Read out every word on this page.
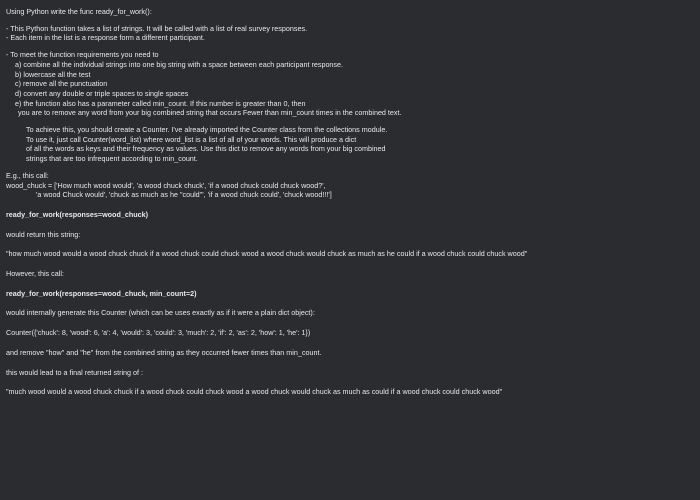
Using Python write the func ready_for_work():
- This Python function takes a list of strings. It will be called with a list of real survey responses.
- Each item in the list is a response form a different participant.
- To meet the function requirements you need to
a) combine all the individual strings into one big string with a space between each participant response.
b) lowercase all the test
c) remove all the punctuation
d) convert any double or triple spaces to single spaces
e) the function also has a parameter called min_count. If this number is greater than 0, then
you are to remove any word from your big combined string that occurs Fewer than min_count times in the combined text.
To achieve this, you should create a Counter. I've already imported the Counter class from the collections module.
To use it, just call Counter(word_list) where word_list is a list of all of your words. This will produce a dict
of all the words as keys and their frequency as values. Use this dict to remove any words from your big combined
strings that are too infrequent according to min_count.
E.g., this call:
wood_chuck = ['How much wood would', 'a wood chuck chuck', 'if a wood chuck could chuck wood?',
'a wood Chuck would', 'chuck as much as he "could"', 'if a wood chuck could', 'chuck wood!!!']
ready_for_work(responses=wood_chuck)
would return this string:
"how much wood would a wood chuck chuck if a wood chuck could chuck wood a wood chuck would chuck as much as he could if a wood chuck could chuck wood"
However, this call:
ready_for_work(responses=wood_chuck, min_count=2)
would internally generate this Counter (which can be uses exactly as if it were a plain dict object):
Counter({'chuck': 8, 'wood': 6, 'a': 4, 'would': 3, 'could': 3, 'much': 2, 'if': 2, 'as': 2, 'how': 1, 'he': 1})
and remove "how" and "he" from the combined string as they occurred fewer times than min_count.
this would lead to a final returned string of :
"much wood would a wood chuck chuck if a wood chuck could chuck wood a wood chuck would chuck as much as could if a wood chuck could chuck wood"
